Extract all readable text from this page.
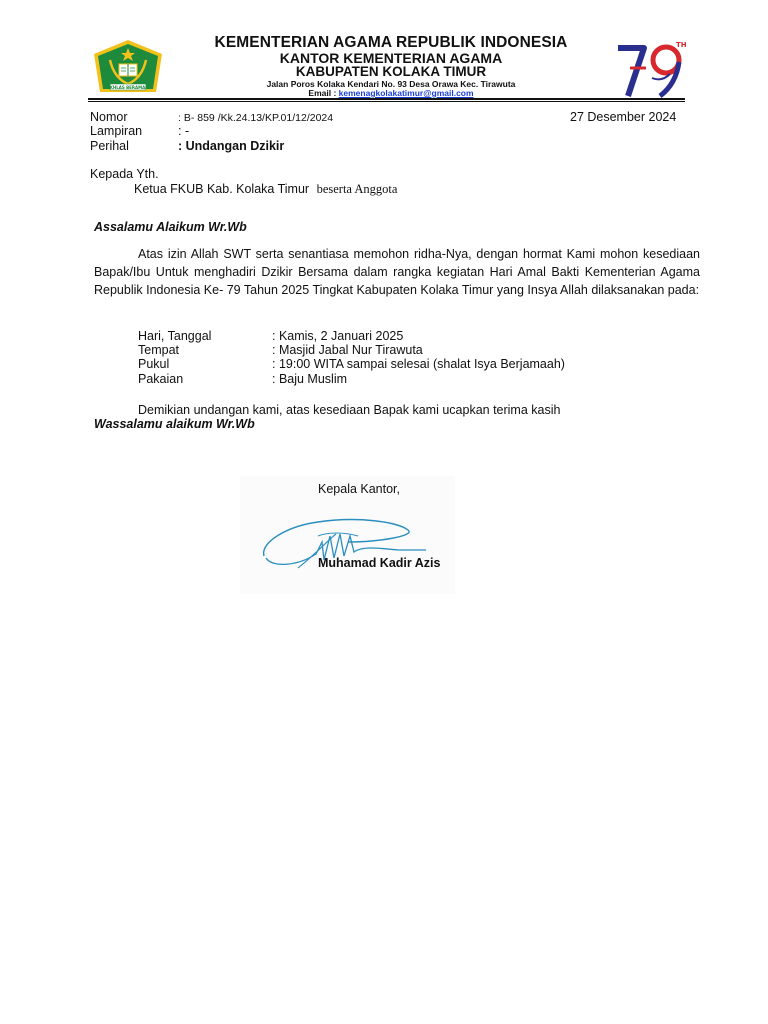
IKHLAS BERAMAL
KEMENTERIAN AGAMA REPUBLIK INDONESIA
KANTOR KEMENTERIAN AGAMA
KABUPATEN KOLAKA TIMUR
Jalan Poros Kolaka Kendari No. 93 Desa Orawa Kec. Tirawuta
Email : kemenagkolakatimur@gmail.com
TH
Nomor	: B- 859 /Kk.24.13/KP.01/12/2024	27 Desember 2024
Lampiran	: -
Perihal	: Undangan Dzikir
Kepada Yth.
Ketua FKUB Kab. Kolaka Timur beserta Anggota
Assalamu Alaikum Wr.Wb
Atas izin Allah SWT serta senantiasa memohon ridha-Nya, dengan hormat Kami mohon kesediaan Bapak/Ibu Untuk menghadiri Dzikir Bersama dalam rangka kegiatan Hari Amal Bakti Kementerian Agama Republik Indonesia Ke- 79 Tahun 2025 Tingkat Kabupaten Kolaka Timur yang Insya Allah dilaksanakan pada:
Hari, Tanggal	: Kamis, 2 Januari 2025
Tempat	: Masjid Jabal Nur Tirawuta
Pukul	: 19:00 WITA sampai selesai (shalat Isya Berjamaah)
Pakaian	: Baju Muslim
Demikian undangan kami, atas kesediaan Bapak kami ucapkan terima kasih
Wassalamu alaikum Wr.Wb
Kepala Kantor,
Muhamad Kadir Azis
